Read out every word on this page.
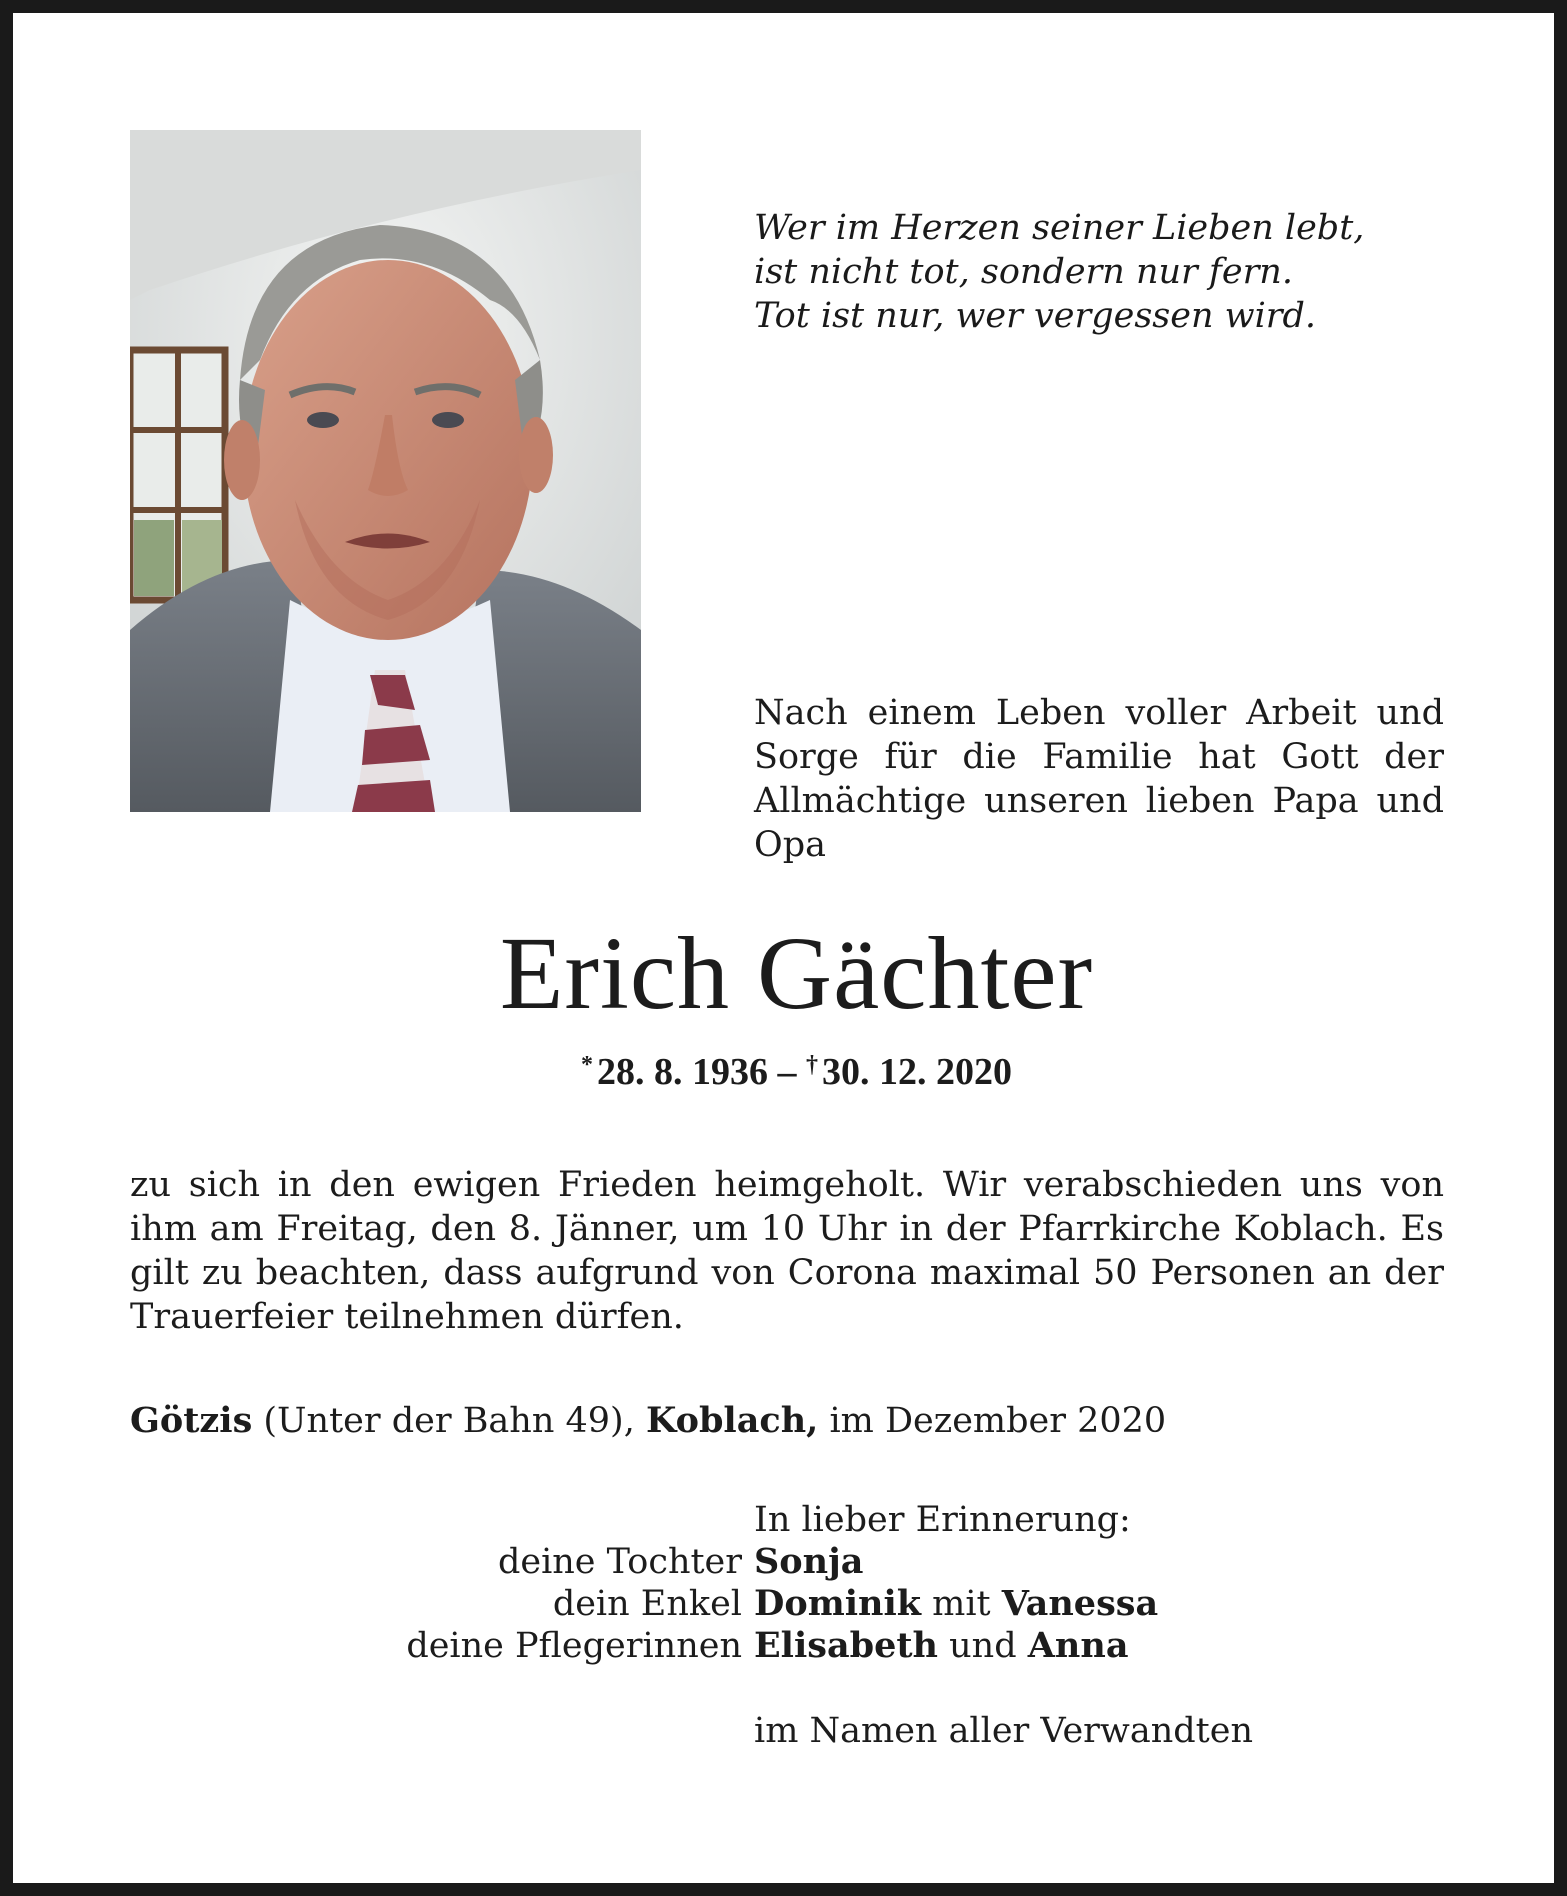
Wer im Herzen seiner Lieben lebt,
ist nicht tot, sondern nur fern.
Tot ist nur, wer vergessen wird.
Nach einem Leben voller Arbeit und Sorge für die Familie hat Gott der Allmächtige unseren lieben Papa und Opa
Erich Gächter
* 28. 8. 1936 – † 30. 12. 2020
zu sich in den ewigen Frieden heimgeholt. Wir verabschieden uns von ihm am Freitag, den 8. Jänner, um 10 Uhr in der Pfarrkirche Koblach. Es gilt zu beachten, dass aufgrund von Corona maximal 50 Personen an der Trauerfeier teilnehmen dürfen.
Götzis (Unter der Bahn 49), Koblach, im Dezember 2020
In lieber Erinnerung:
deine Tochter Sonja
dein Enkel Dominik mit Vanessa
deine Pflegerinnen Elisabeth und Anna
im Namen aller Verwandten
